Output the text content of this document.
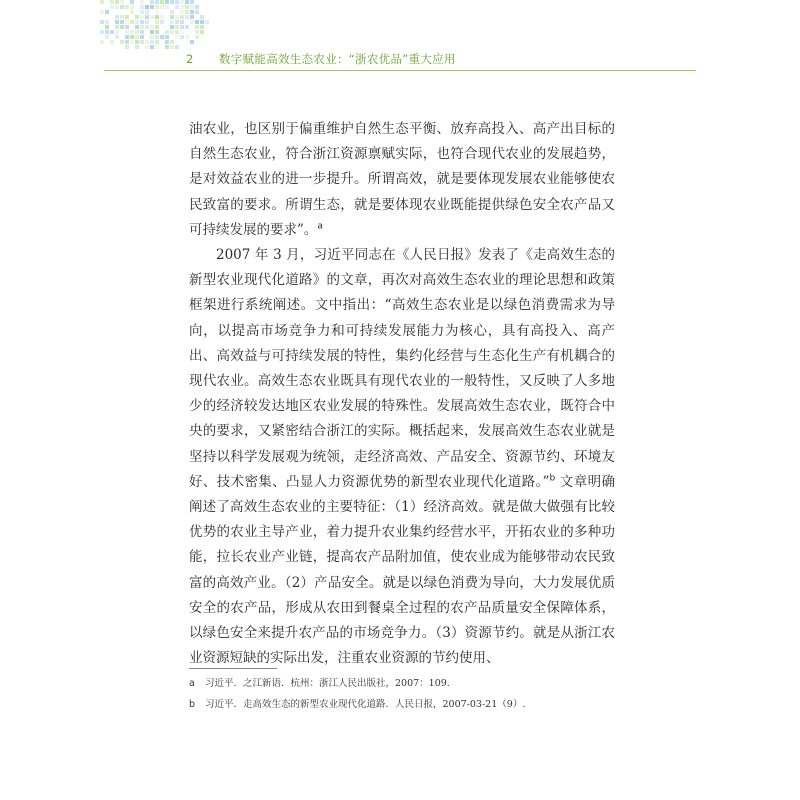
2 数字赋能高效生态农业：“浙农优品”重大应用

油农业，也区别于偏重维护自然生态平衡、放弃高投入、高产出目标的自然生态农业，符合浙江资源禀赋实际，也符合现代农业的发展趋势，是对效益农业的进一步提升。所谓高效，就是要体现发展农业能够使农民致富的要求。所谓生态，就是要体现农业既能提供绿色安全农产品又可持续发展的要求”。$^a$

2007 年 3 月，习近平同志在《人民日报》发表了《走高效生态的新型农业现代化道路》的文章，再次对高效生态农业的理论思想和政策框架进行系统阐述。文中指出：“高效生态农业是以绿色消费需求为导向，以提高市场竞争力和可持续发展能力为核心，具有高投入、高产出、高效益与可持续发展的特性，集约化经营与生态化生产有机耦合的现代农业。高效生态农业既具有现代农业的一般特性，又反映了人多地少的经济较发达地区农业发展的特殊性。发展高效生态农业，既符合中央的要求，又紧密结合浙江的实际。概括起来，发展高效生态农业就是坚持以科学发展观为统领，走经济高效、产品安全、资源节约、环境友好、技术密集、凸显人力资源优势的新型农业现代化道路。”$^b$ 文章明确阐述了高效生态农业的主要特征：（1）经济高效。就是做大做强有比较优势的农业主导产业，着力提升农业集约经营水平，开拓农业的多种功能，拉长农业产业链，提高农产品附加值，使农业成为能够带动农民致富的高效产业。（2）产品安全。就是以绿色消费为导向，大力发展优质安全的农产品，形成从农田到餐桌全过程的农产品质量安全保障体系，以绿色安全来提升农产品的市场竞争力。（3）资源节约。就是从浙江农业资源短缺的实际出发，注重农业资源的节约使用、

a 习近平．之江新语．杭州：浙江人民出版社，2007：109.
b 习近平．走高效生态的新型农业现代化道路．人民日报，2007-03-21（9）.
